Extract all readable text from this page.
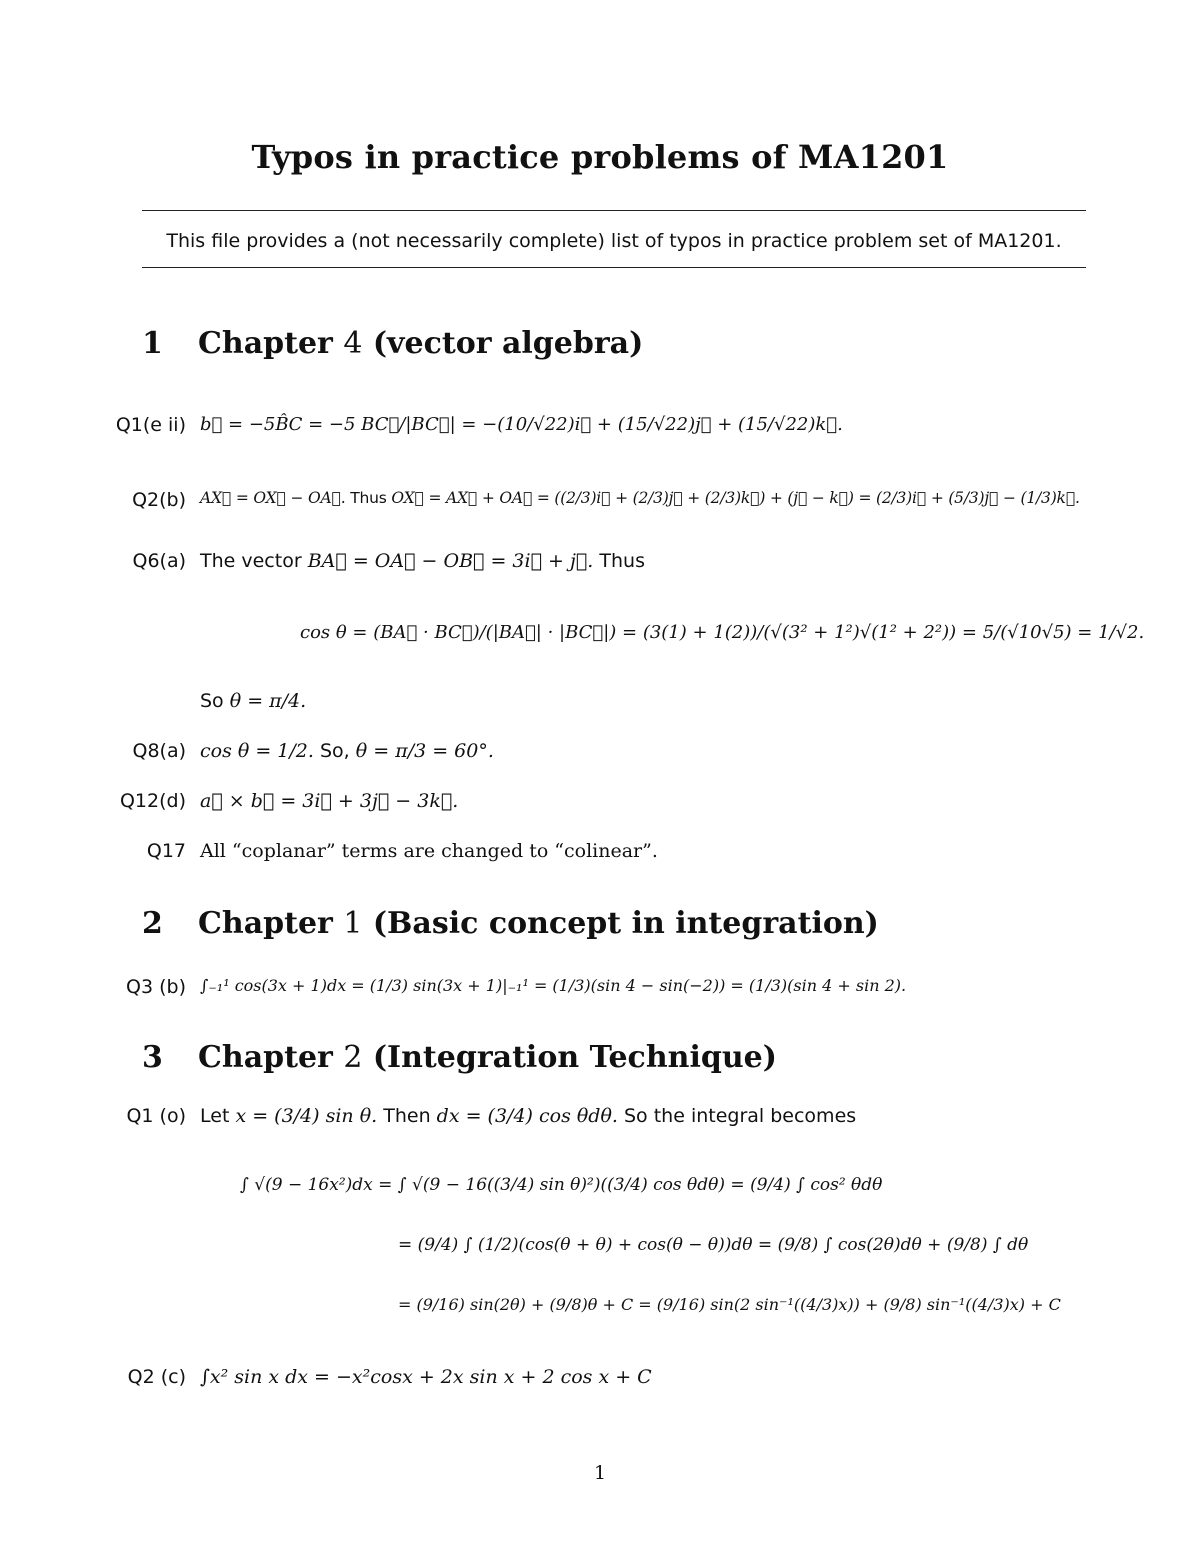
Typos in practice problems of MA1201
This file provides a (not necessarily complete) list of typos in practice problem set of MA1201.
1 Chapter 4 (vector algebra)
Q1(e ii) b⃗ = −5B̂C = −5 BC⃗/|BC⃗| = −(10/√22)i⃗ + (15/√22)j⃗ + (15/√22)k⃗.
Q2(b) AX⃗ = OX⃗ − OA⃗. Thus OX⃗ = AX⃗ + OA⃗ = ((2/3)i⃗ + (2/3)j⃗ + (2/3)k⃗) + (j⃗ − k⃗) = (2/3)i⃗ + (5/3)j⃗ − (1/3)k⃗.
Q6(a) The vector BA⃗ = OA⃗ − OB⃗ = 3i⃗ + j⃗. Thus
cos θ = (BA⃗ · BC⃗)/(|BA⃗| · |BC⃗|) = (3(1) + 1(2))/(√(3² + 1²)√(1² + 2²)) = 5/(√10√5) = 1/√2.
So θ = π/4.
Q8(a) cos θ = 1/2. So, θ = π/3 = 60°.
Q12(d) a⃗ × b⃗ = 3i⃗ + 3j⃗ − 3k⃗.
Q17 All “coplanar” terms are changed to “colinear”.
2 Chapter 1 (Basic concept in integration)
Q3 (b) ∫₋₁¹ cos(3x + 1)dx = (1/3) sin(3x + 1)|₋₁¹ = (1/3)(sin 4 − sin(−2)) = (1/3)(sin 4 + sin 2).
3 Chapter 2 (Integration Technique)
Q1 (o) Let x = (3/4) sin θ. Then dx = (3/4) cos θdθ. So the integral becomes
∫ √(9 − 16x²)dx = ∫ √(9 − 16((3/4) sin θ)²)((3/4) cos θdθ) = (9/4) ∫ cos² θdθ
= (9/4) ∫ (1/2)(cos(θ + θ) + cos(θ − θ))dθ = (9/8) ∫ cos(2θ)dθ + (9/8) ∫ dθ
= (9/16) sin(2θ) + (9/8)θ + C = (9/16) sin(2 sin⁻¹((4/3)x)) + (9/8) sin⁻¹((4/3)x) + C
Q2 (c) ∫x² sin x dx = −x²cosx + 2x sin x + 2 cos x + C
1
